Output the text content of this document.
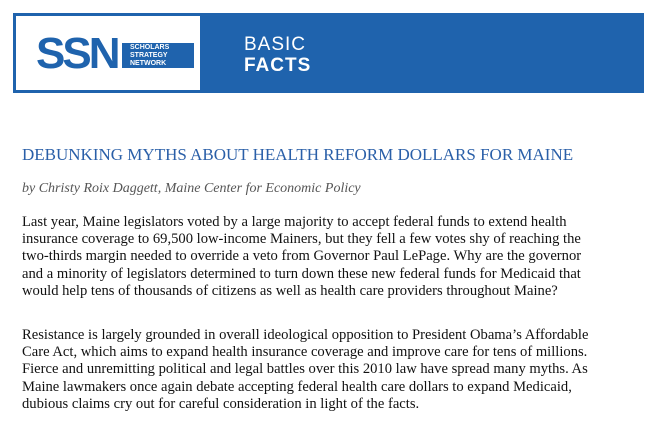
SSN SCHOLARS
STRATEGY
NETWORK
BASIC
FACTS
DEBUNKING MYTHS ABOUT HEALTH REFORM DOLLARS FOR MAINE

by Christy Roix Daggett, Maine Center for Economic Policy

Last year, Maine legislators voted by a large majority to accept federal funds to extend health
insurance coverage to 69,500 low-income Mainers, but they fell a few votes shy of reaching the
two-thirds margin needed to override a veto from Governor Paul LePage. Why are the governor
and a minority of legislators determined to turn down these new federal funds for Medicaid that
would help tens of thousands of citizens as well as health care providers throughout Maine?

Resistance is largely grounded in overall ideological opposition to President Obama’s Affordable
Care Act, which aims to expand health insurance coverage and improve care for tens of millions.
Fierce and unremitting political and legal battles over this 2010 law have spread many myths. As
Maine lawmakers once again debate accepting federal health care dollars to expand Medicaid,
dubious claims cry out for careful consideration in light of the facts.
